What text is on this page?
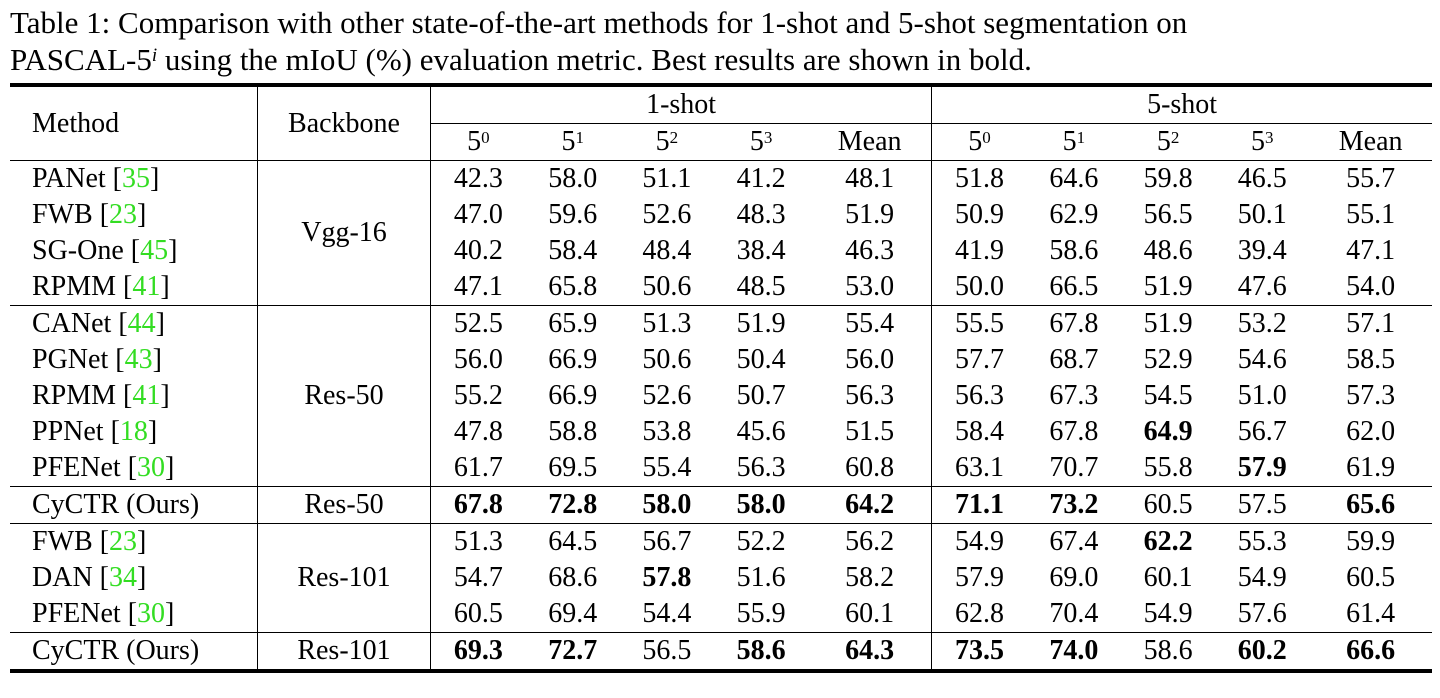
Table 1: Comparison with other state-of-the-art methods for 1-shot and 5-shot segmentation on
PASCAL-5$^i$ using the mIoU (%) evaluation metric. Best results are shown in bold.
Method	Backbone	1-shot					5-shot				
		$5^0$	$5^1$	$5^2$	$5^3$	Mean	$5^0$	$5^1$	$5^2$	$5^3$	Mean
PANet [35]	Vgg-16	42.3	58.0	51.1	41.2	48.1	51.8	64.6	59.8	46.5	55.7
FWB [23]		47.0	59.6	52.6	48.3	51.9	50.9	62.9	56.5	50.1	55.1
SG-One [45]		40.2	58.4	48.4	38.4	46.3	41.9	58.6	48.6	39.4	47.1
RPMM [41]		47.1	65.8	50.6	48.5	53.0	50.0	66.5	51.9	47.6	54.0
CANet [44]	Res-50	52.5	65.9	51.3	51.9	55.4	55.5	67.8	51.9	53.2	57.1
PGNet [43]		56.0	66.9	50.6	50.4	56.0	57.7	68.7	52.9	54.6	58.5
RPMM [41]		55.2	66.9	52.6	50.7	56.3	56.3	67.3	54.5	51.0	57.3
PPNet [18]		47.8	58.8	53.8	45.6	51.5	58.4	67.8	64.9	56.7	62.0
PFENet [30]		61.7	69.5	55.4	56.3	60.8	63.1	70.7	55.8	57.9	61.9
CyCTR (Ours)	Res-50	67.8	72.8	58.0	58.0	64.2	71.1	73.2	60.5	57.5	65.6
FWB [23]	Res-101	51.3	64.5	56.7	52.2	56.2	54.9	67.4	62.2	55.3	59.9
DAN [34]		54.7	68.6	57.8	51.6	58.2	57.9	69.0	60.1	54.9	60.5
PFENet [30]		60.5	69.4	54.4	55.9	60.1	62.8	70.4	54.9	57.6	61.4
CyCTR (Ours)	Res-101	69.3	72.7	56.5	58.6	64.3	73.5	74.0	58.6	60.2	66.6
